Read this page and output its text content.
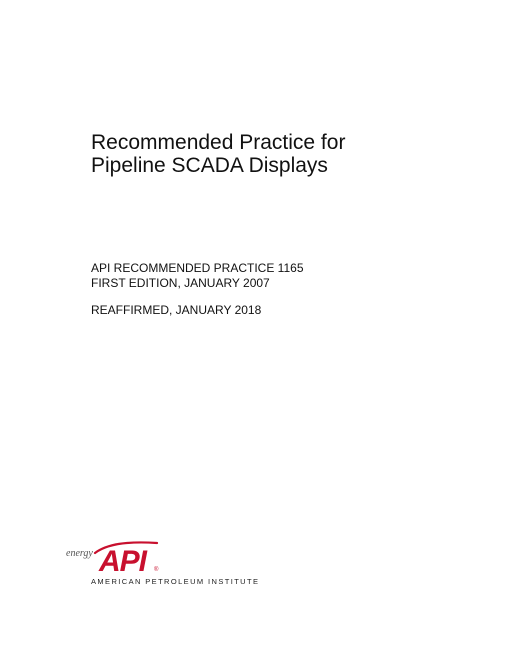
Recommended Practice for
Pipeline SCADA Displays
API RECOMMENDED PRACTICE 1165
FIRST EDITION, JANUARY 2007
REAFFIRMED, JANUARY 2018
energy API ®
AMERICAN PETROLEUM INSTITUTE
